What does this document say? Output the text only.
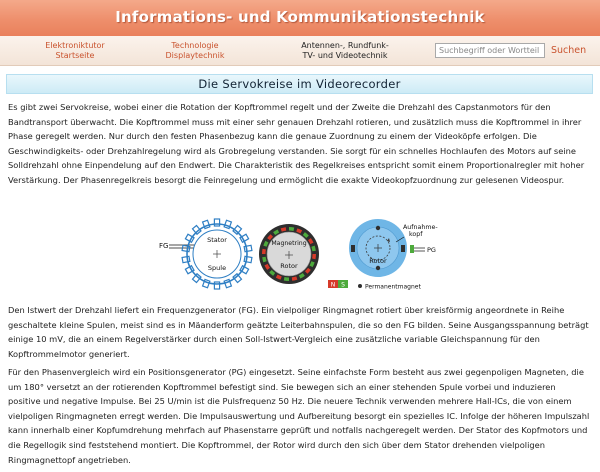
Informations- und Kommunikationstechnik
Elektroniktutor
Startseite
Technologie
Displaytechnik
Antennen-, Rundfunk-
TV- und Videotechnik
Suchbegriff oder Wortteil	Suchen
Die Servokreise im Videorecorder

Es gibt zwei Servokreise, wobei einer die Rotation der Kopftrommel regelt und der Zweite die Drehzahl des Capstanmotors für den Bandtransport überwacht. Die Kopftrommel muss mit einer sehr genauen Drehzahl rotieren, und zusätzlich muss die Kopftrommel in ihrer Phase geregelt werden. Nur durch den festen Phasenbezug kann die genaue Zuordnung zu einem der Videoköpfe erfolgen. Die Geschwindigkeits- oder Drehzahlregelung wird als Grobregelung verstanden. Sie sorgt für ein schnelles Hochlaufen des Motors auf seine Solldrehzahl ohne Einpendelung auf den Endwert. Die Charakteristik des Regelkreises entspricht somit einem Proportionalregler mit hoher Verstärkung. Der Phasenregelkreis besorgt die Feinregelung und ermöglicht die exakte Videokopfzuordnung zur gelesenen Videospur.

FG
Stator
Spule
Magnetring
Rotor
Rotor
Aufnahme-
kopf
PG
N S	Permanentmagnet

Den Istwert der Drehzahl liefert ein Frequenzgenerator (FG). Ein vielpoliger Ringmagnet rotiert über kreisförmig angeordnete in Reihe geschaltete kleine Spulen, meist sind es in Mäanderform geätzte Leiterbahnspulen, die so den FG bilden. Seine Ausgangsspannung beträgt einige 10 mV, die an einem Regelverstärker durch einen Soll-Istwert-Vergleich eine zusätzliche variable Gleichspannung für den Kopftrommelmotor generiert.

Für den Phasenvergleich wird ein Positionsgenerator (PG) eingesetzt. Seine einfachste Form besteht aus zwei gegenpoligen Magneten, die um 180° versetzt an der rotierenden Kopftrommel befestigt sind. Sie bewegen sich an einer stehenden Spule vorbei und induzieren positive und negative Impulse. Bei 25 U/min ist die Pulsfrequenz 50 Hz. Die neuere Technik verwenden mehrere Hall-ICs, die von einem vielpoligen Ringmagneten erregt werden. Die Impulsauswertung und Aufbereitung besorgt ein spezielles IC. Infolge der höheren Impulszahl kann innerhalb einer Kopfumdrehung mehrfach auf Phasenstarre geprüft und notfalls nachgeregelt werden. Der Stator des Kopfmotors und die Regellogik sind feststehend montiert. Die Kopftrommel, der Rotor wird durch den sich über dem Stator drehenden vielpoligen Ringmagnettopf angetrieben.
